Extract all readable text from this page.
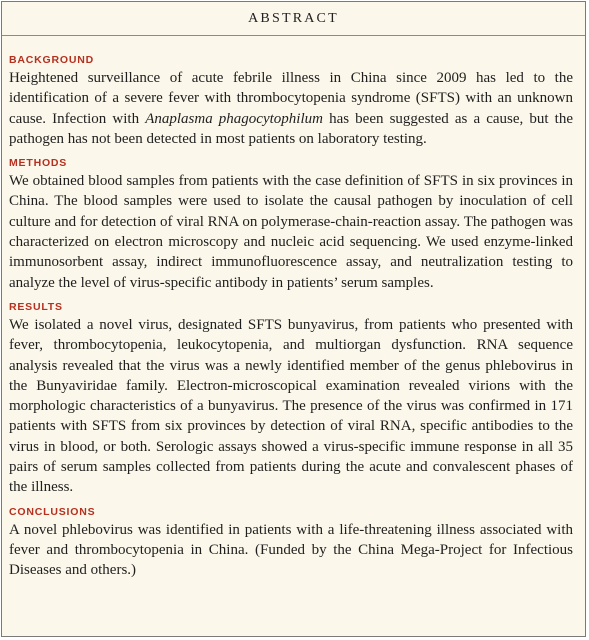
ABSTRACT
BACKGROUND

Heightened surveillance of acute febrile illness in China since 2009 has led to the identification of a severe fever with thrombocytopenia syndrome (SFTS) with an unknown cause. Infection with Anaplasma phagocytophilum has been suggested as a cause, but the pathogen has not been detected in most patients on laboratory testing.

METHODS

We obtained blood samples from patients with the case definition of SFTS in six provinces in China. The blood samples were used to isolate the causal pathogen by inoculation of cell culture and for detection of viral RNA on polymerase-chain-reaction assay. The pathogen was characterized on electron microscopy and nucleic acid sequencing. We used enzyme-linked immunosorbent assay, indirect immunofluorescence assay, and neutralization testing to analyze the level of virus-specific antibody in patients’ serum samples.

RESULTS

We isolated a novel virus, designated SFTS bunyavirus, from patients who presented with fever, thrombocytopenia, leukocytopenia, and multiorgan dysfunction. RNA sequence analysis revealed that the virus was a newly identified member of the genus phlebovirus in the Bunyaviridae family. Electron-microscopical examination revealed virions with the morphologic characteristics of a bunyavirus. The presence of the virus was confirmed in 171 patients with SFTS from six provinces by detection of viral RNA, specific antibodies to the virus in blood, or both. Serologic assays showed a virus-specific immune response in all 35 pairs of serum samples collected from patients during the acute and convalescent phases of the illness.

CONCLUSIONS

A novel phlebovirus was identified in patients with a life-threatening illness associated with fever and thrombocytopenia in China. (Funded by the China Mega-Project for Infectious Diseases and others.)
